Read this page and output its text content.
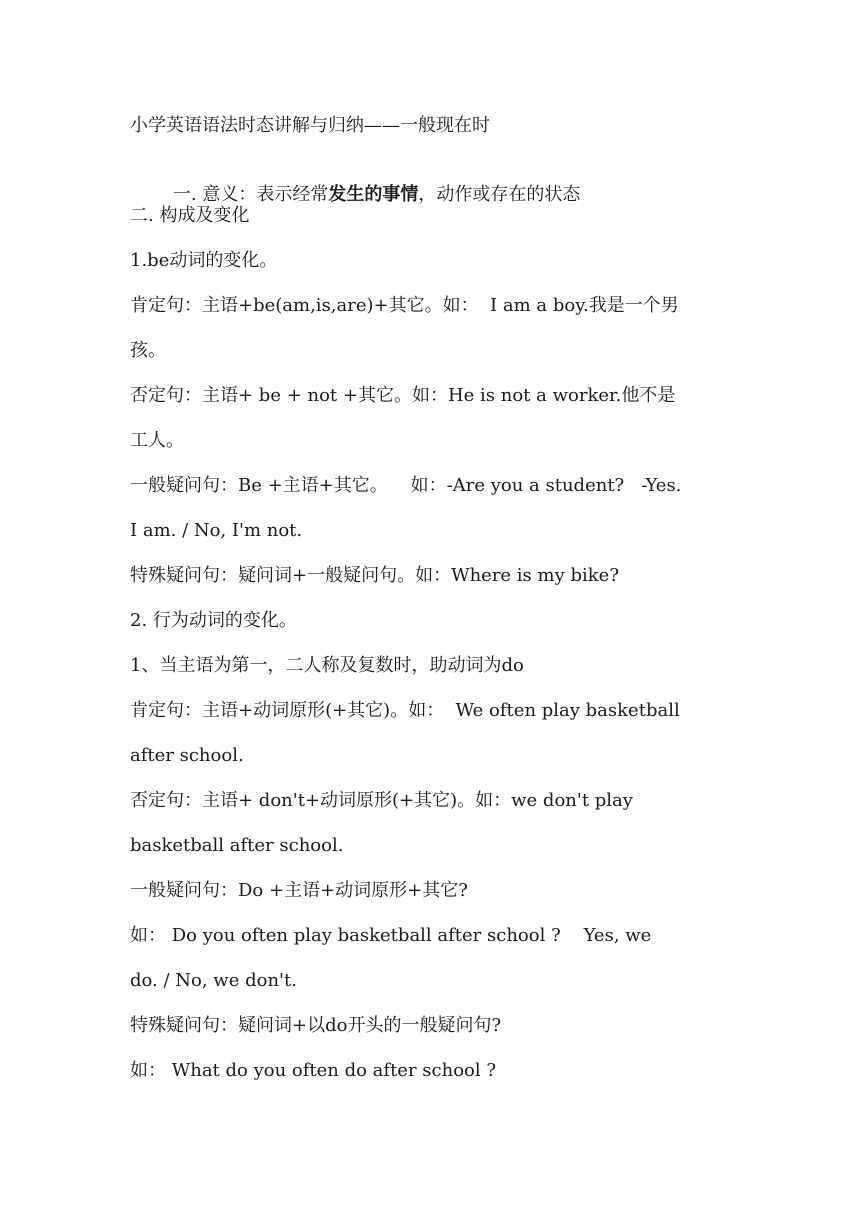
小学英语语法时态讲解与归纳——一般现在时

一. 意义：表示经常发生的事情，动作或存在的状态

二. 构成及变化
1.be动词的变化。
肯定句：主语+be(am,is,are)+其它。如：  I am a boy.我是一个男
孩。
否定句：主语+ be + not +其它。如：He is not a worker.他不是
工人。
一般疑问句：Be +主语+其它。    如：-Are you a student?   -Yes.
I am. / No, I'm not.
特殊疑问句：疑问词+一般疑问句。如：Where is my bike?
2. 行为动词的变化。
1、当主语为第一，二人称及复数时，助动词为do
肯定句：主语+动词原形(+其它)。如：  We often play basketball
after school.
否定句：主语+ don't+动词原形(+其它)。如：we don't play
basketball after school.
一般疑问句：Do +主语+动词原形+其它?
如： Do you often play basketball after school ?    Yes, we
do. / No, we don't.
特殊疑问句：疑问词+以do开头的一般疑问句?
如： What do you often do after school ?
